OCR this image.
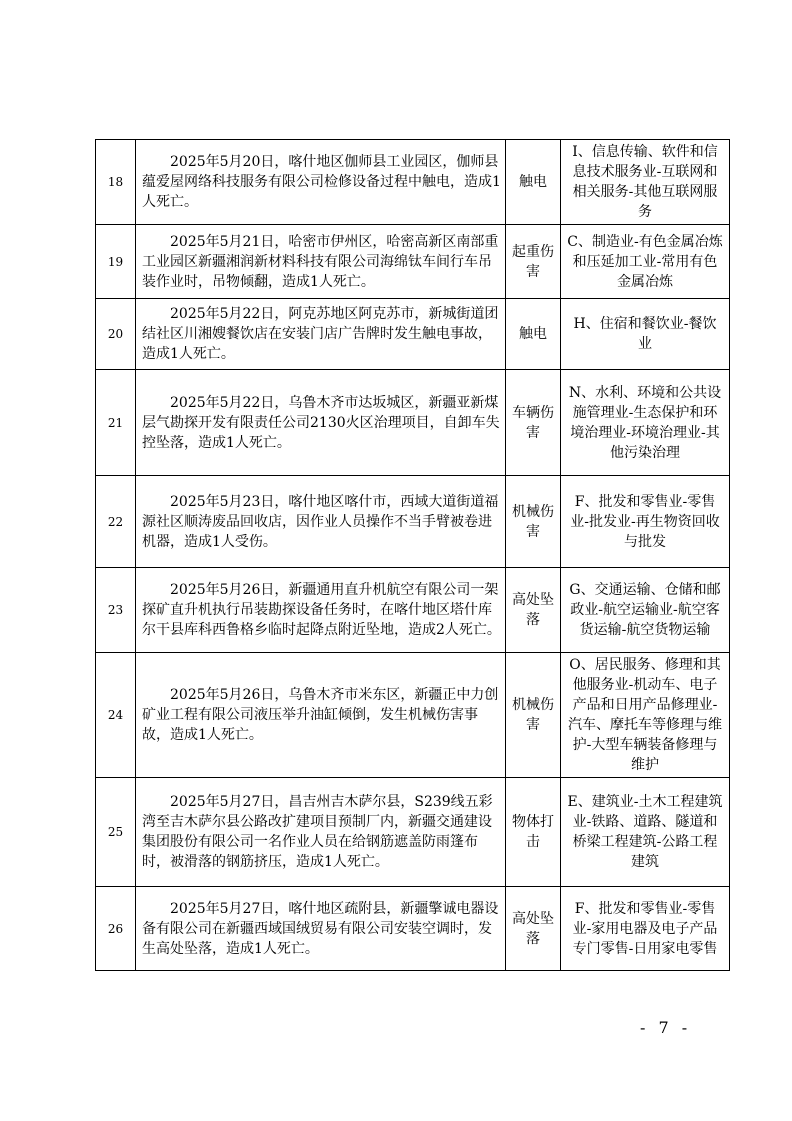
18	2025年5月20日，喀什地区伽师县工业园区，伽师县蕴爱屋网络科技服务有限公司检修设备过程中触电，造成1人死亡。	触电	I、信息传输、软件和信息技术服务业-互联网和相关服务-其他互联网服务
19	2025年5月21日，哈密市伊州区，哈密高新区南部重工业园区新疆湘润新材料科技有限公司海绵钛车间行车吊装作业时，吊物倾翻，造成1人死亡。	起重伤害	C、制造业-有色金属冶炼和压延加工业-常用有色金属冶炼
20	2025年5月22日，阿克苏地区阿克苏市，新城街道团结社区川湘嫂餐饮店在安装门店广告牌时发生触电事故，造成1人死亡。	触电	H、住宿和餐饮业-餐饮业
21	2025年5月22日，乌鲁木齐市达坂城区，新疆亚新煤层气勘探开发有限责任公司2130火区治理项目，自卸车失控坠落，造成1人死亡。	车辆伤害	N、水利、环境和公共设施管理业-生态保护和环境治理业-环境治理业-其他污染治理
22	2025年5月23日，喀什地区喀什市，西域大道街道福源社区顺涛废品回收店，因作业人员操作不当手臂被卷进机器，造成1人受伤。	机械伤害	F、批发和零售业-零售业-批发业-再生物资回收与批发
23	2025年5月26日，新疆通用直升机航空有限公司一架探矿直升机执行吊装勘探设备任务时，在喀什地区塔什库尔干县库科西鲁格乡临时起降点附近坠地，造成2人死亡。	高处坠落	G、交通运输、仓储和邮政业-航空运输业-航空客货运输-航空货物运输
24	2025年5月26日，乌鲁木齐市米东区，新疆正中力创矿业工程有限公司液压举升油缸倾倒，发生机械伤害事故，造成1人死亡。	机械伤害	O、居民服务、修理和其他服务业-机动车、电子产品和日用产品修理业-汽车、摩托车等修理与维护-大型车辆装备修理与维护
25	2025年5月27日，昌吉州吉木萨尔县，S239线五彩湾至吉木萨尔县公路改扩建项目预制厂内，新疆交通建设集团股份有限公司一名作业人员在给钢筋遮盖防雨篷布时，被滑落的钢筋挤压，造成1人死亡。	物体打击	E、建筑业-土木工程建筑业-铁路、道路、隧道和桥梁工程建筑-公路工程建筑
26	2025年5月27日，喀什地区疏附县，新疆擎诚电器设备有限公司在新疆西域国绒贸易有限公司安装空调时，发生高处坠落，造成1人死亡。	高处坠落	F、批发和零售业-零售业-家用电器及电子产品专门零售-日用家电零售
- 7 -
